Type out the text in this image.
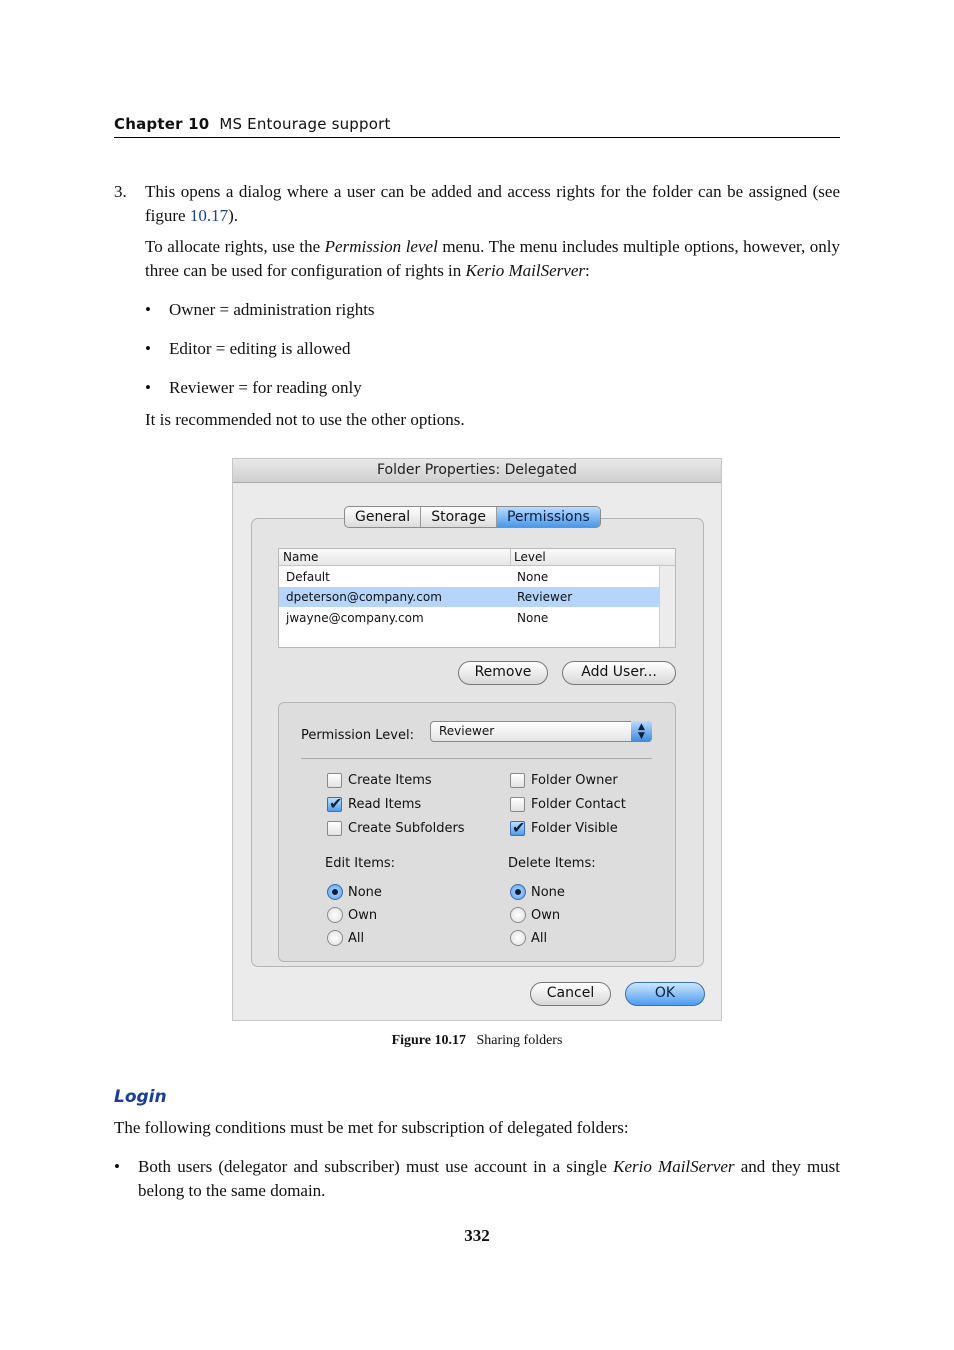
Chapter 10 MS Entourage support
3. This opens a dialog where a user can be added and access rights for the folder can be assigned (see figure 10.17).
To allocate rights, use the Permission level menu. The menu includes multiple options, however, only three can be used for configuration of rights in Kerio MailServer:
• Owner = administration rights
• Editor = editing is allowed
• Reviewer = for reading only
It is recommended not to use the other options.
Folder Properties: Delegated
General	Storage	Permissions
Name	Level
Default	None
dpeterson@company.com	Reviewer
jwayne@company.com	None
Remove	Add User...
Permission Level:	Reviewer	▲
▼
Create Items
✔
Read Items
Create Subfolders
Folder Owner
Folder Contact
✔
Folder Visible
Edit Items:
None
Own
All
Delete Items:
None
Own
All
Cancel	OK
Figure 10.17 Sharing folders
Login
The following conditions must be met for subscription of delegated folders:
• Both users (delegator and subscriber) must use account in a single Kerio MailServer and they must belong to the same domain.
332
